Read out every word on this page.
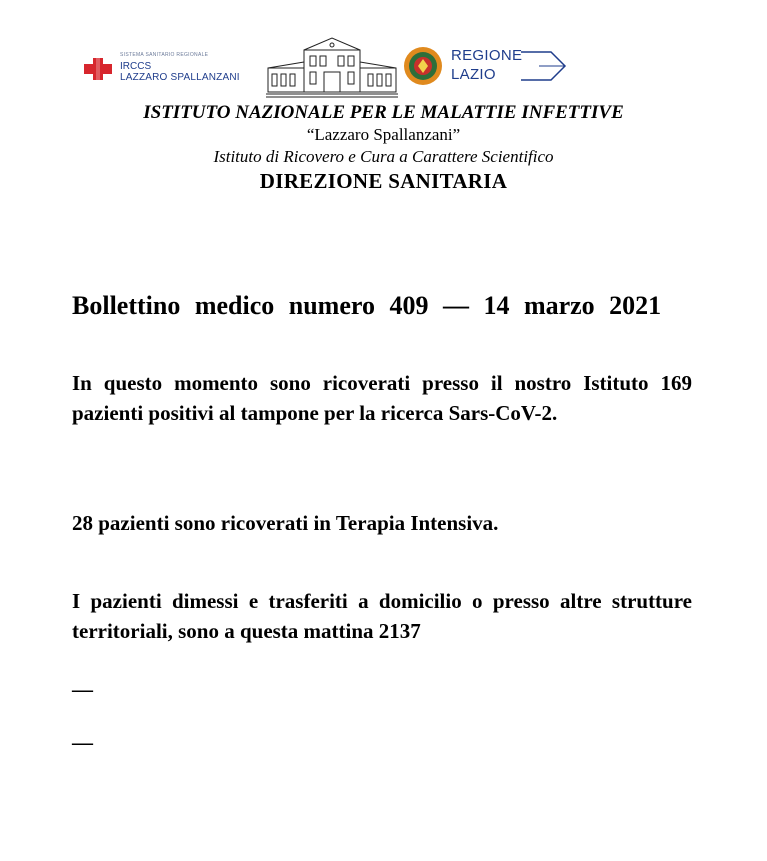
SISTEMA SANITARIO REGIONALE
IRCCS
LAZZARO SPALLANZANI
REGIONE
LAZIO

ISTITUTO NAZIONALE PER LE MALATTIE INFETTIVE

“Lazzaro Spallanzani”

Istituto di Ricovero e Cura a Carattere Scientifico

DIREZIONE SANITARIA

Bollettino medico numero 409 — 14 marzo 2021

In questo momento sono ricoverati presso il nostro Istituto 169 pazienti positivi al tampone per la ricerca Sars-CoV-2.

28 pazienti sono ricoverati in Terapia Intensiva.

I pazienti dimessi e trasferiti a domicilio o presso altre strutture territoriali, sono a questa mattina 2137

—
—
